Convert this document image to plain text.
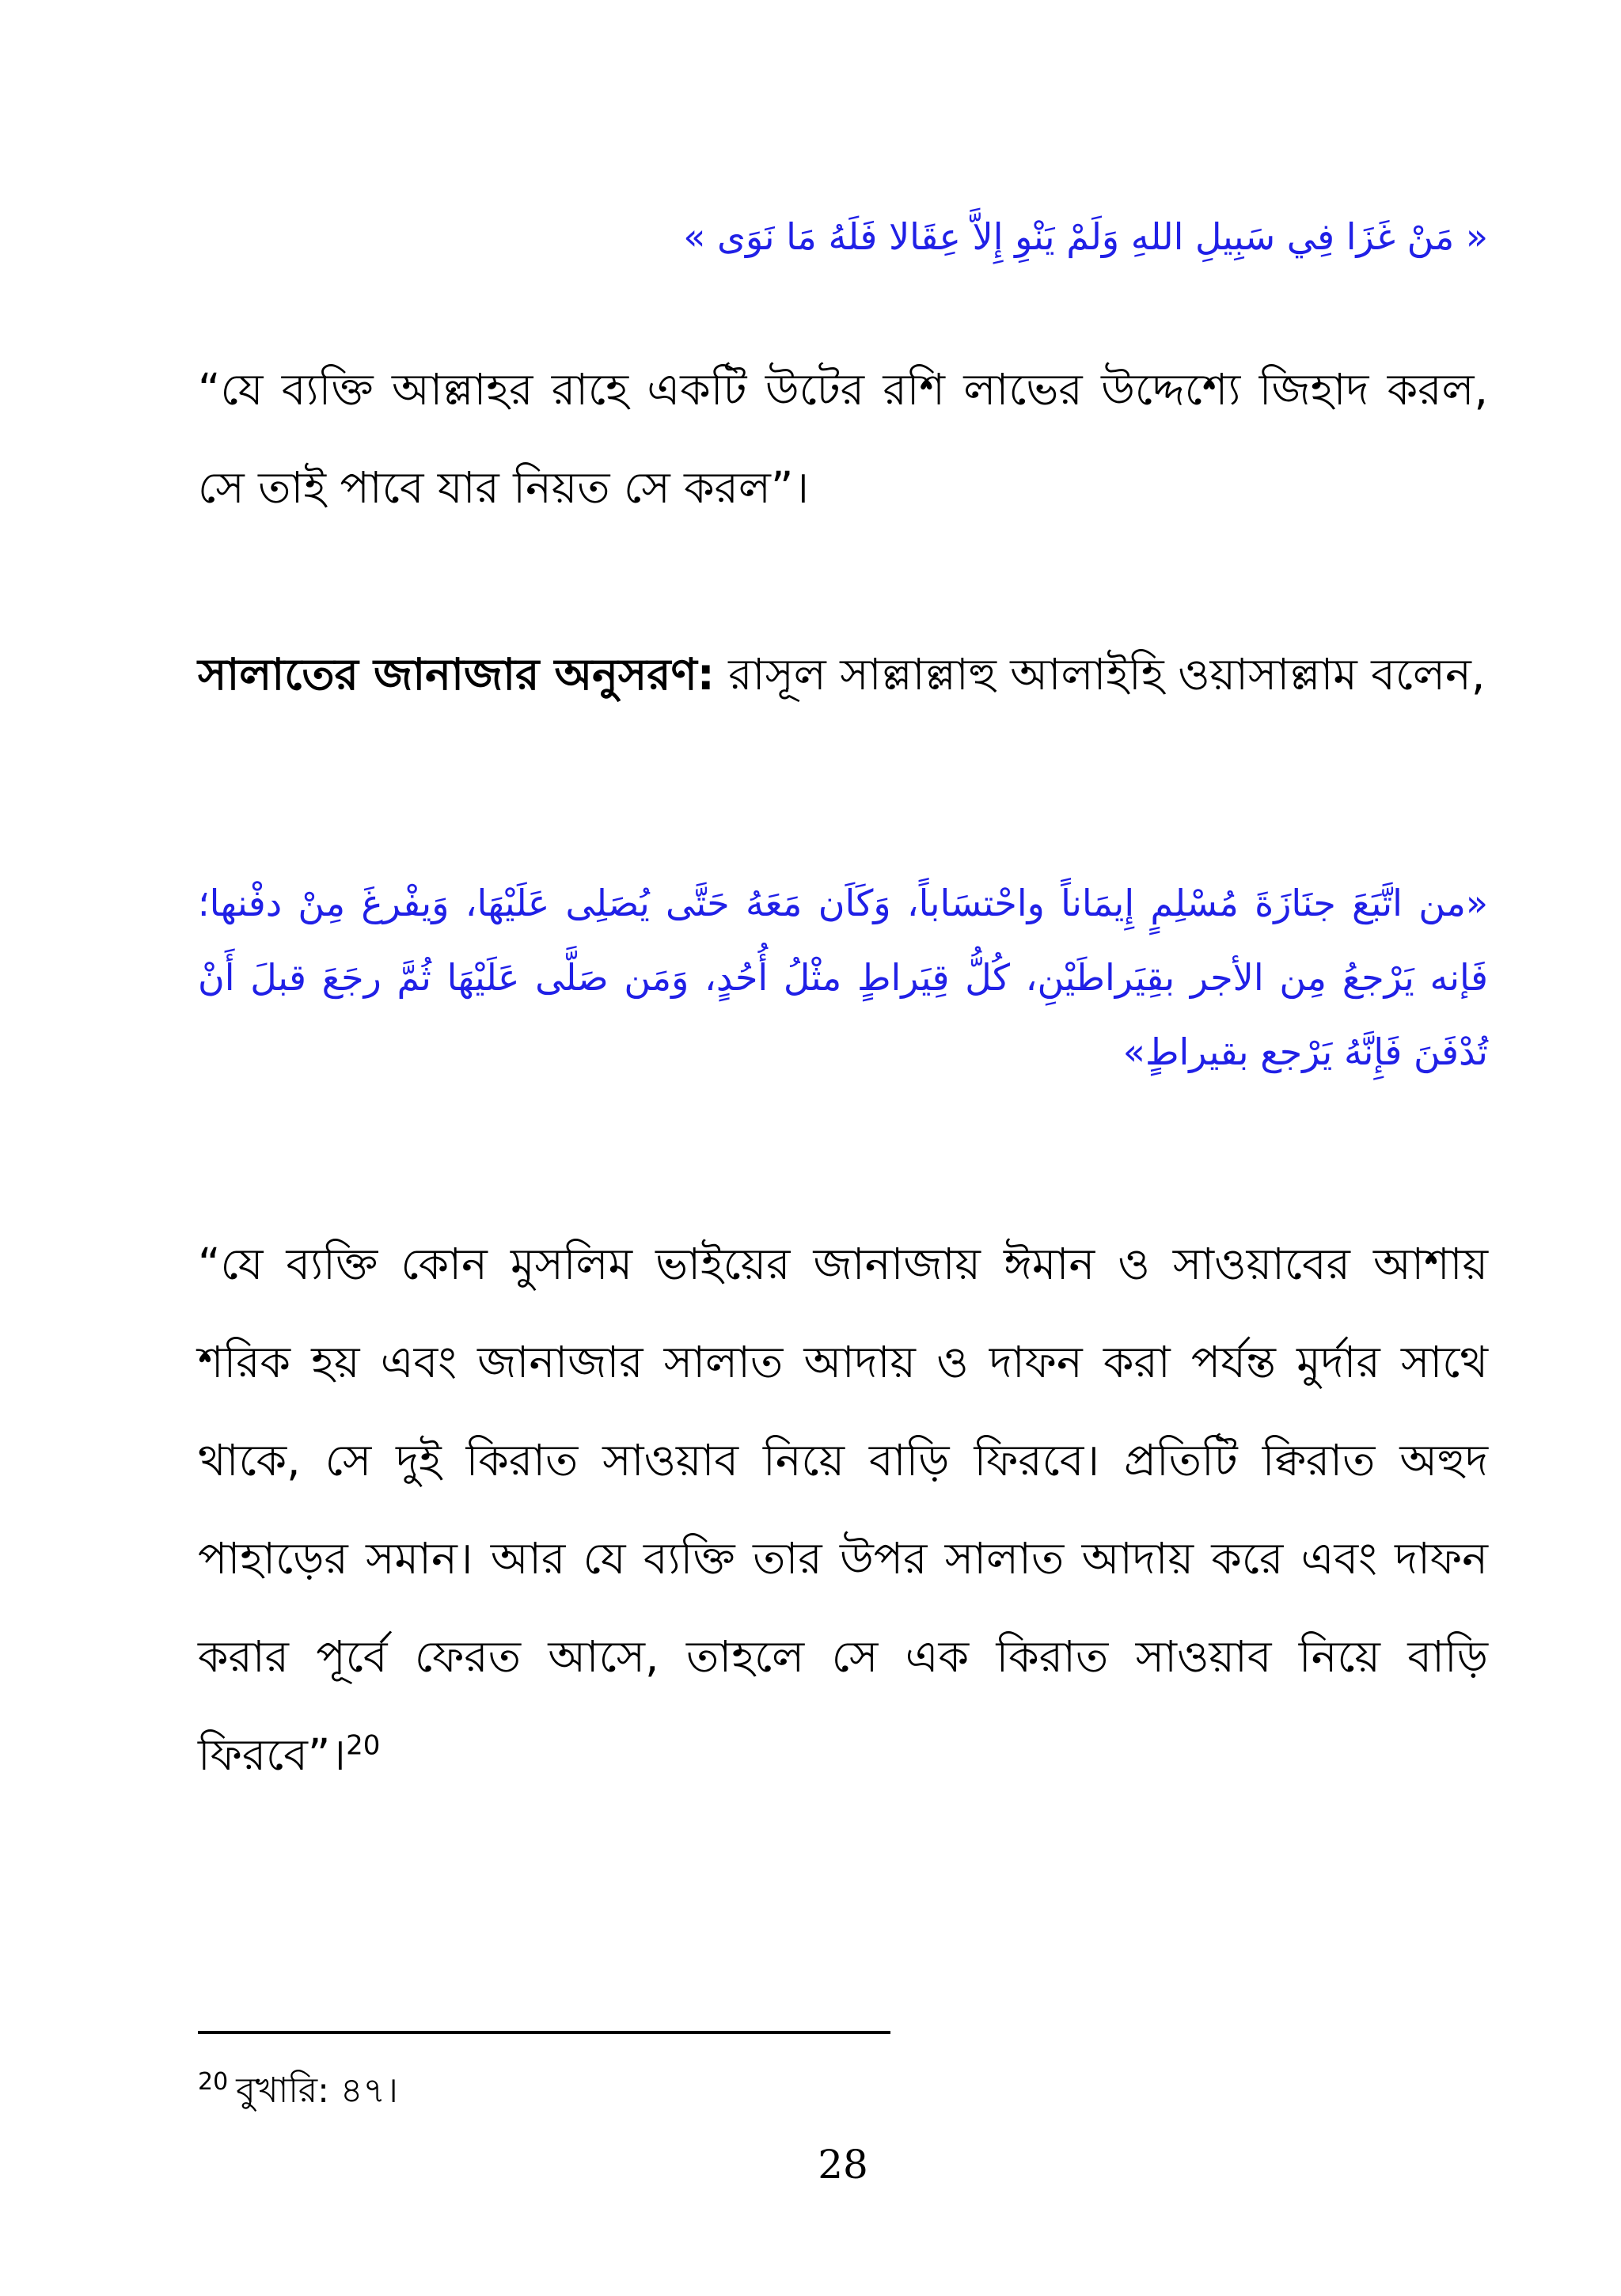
« مَنْ غَزَا فِي سَبِيلِ اللهِ وَلَمْ يَنْوِ إِلاَّ عِقَالا فَلَهُ مَا نَوَى »
“যে ব্যক্তি আল্লাহর রাহে একটি উটের রশি লাভের উদ্দেশ্যে জিহাদ করল, সে তাই পাবে যার নিয়ত সে করল”।
সালাতের জানাজার অনুসরণ: রাসূল সাল্লাল্লাহু আলাইহি ওয়াসাল্লাম বলেন,
«من اتَّبَعَ جنَازَةَ مُسْلِمٍ إِيمَاناً واحْتسَاباً، وَكَاَن مَعَهُ حَتَّى يُصَلِى عَلَيْهَا، وَيفْرغَ مِنْ دفْنها؛ فَإنه يَرْجعُ مِن الأجر بقِيَراطَيْنِ، كُلُّ قِيَراطٍ مثْلُ أُحُدٍ، وَمَن صَلَّى عَلَيْهَا ثُمَّ رجَعَ قبلَ أَنْ تُدْفَنَ فَإِنَّهُ يَرْجع بقيراطٍ»
“যে ব্যক্তি কোন মুসলিম ভাইয়ের জানাজায় ঈমান ও সাওয়াবের আশায় শরিক হয় এবং জানাজার সালাত আদায় ও দাফন করা পর্যন্ত মুর্দার সাথে থাকে, সে দুই কিরাত সাওয়াব নিয়ে বাড়ি ফিরবে। প্রতিটি ক্বিরাত অহুদ পাহাড়ের সমান। আর যে ব্যক্তি তার উপর সালাত আদায় করে এবং দাফন করার পূর্বে ফেরত আসে, তাহলে সে এক কিরাত সাওয়াব নিয়ে বাড়ি ফিরবে”।$^{20}$
$^{20}$ বুখারি: ৪৭।
28
